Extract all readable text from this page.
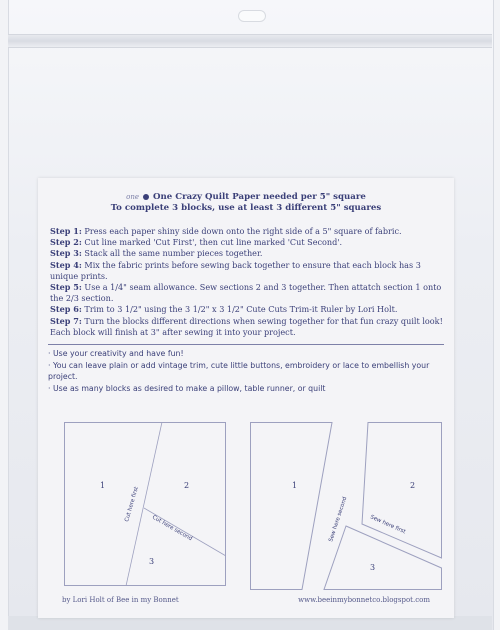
one One Crazy Quilt Paper needed per 5" square
To complete 3 blocks, use at least 3 different 5" squares

Step 1: Press each paper shiny side down onto the right side of a 5" square of fabric.

Step 2: Cut line marked 'Cut First', then cut line marked 'Cut Second'.

Step 3: Stack all the same number pieces together.

Step 4: Mix the fabric prints before sewing back together to ensure that each block has 3 unique prints.

Step 5: Use a 1/4" seam allowance. Sew sections 2 and 3 together. Then attatch section 1 onto the 2/3 section.

Step 6: Trim to 3 1/2" using the 3 1/2" x 3 1/2" Cute Cuts Trim-it Ruler by Lori Holt.

Step 7: Turn the blocks different directions when sewing together for that fun crazy quilt look! Each block will finish at 3" after sewing it into your project.

· Use your creativity and have fun!

· You can leave plain or add vintage trim, cute little buttons, embroidery or lace to embellish your project.

· Use as many blocks as desired to make a pillow, table runner, or quilt

1	2
3
Cut here first
Cut here second
1	2
3
Sew here second	Sew here first
by Lori Holt of Bee in my Bonnet	www.beeinmybonnetco.blogspot.com
